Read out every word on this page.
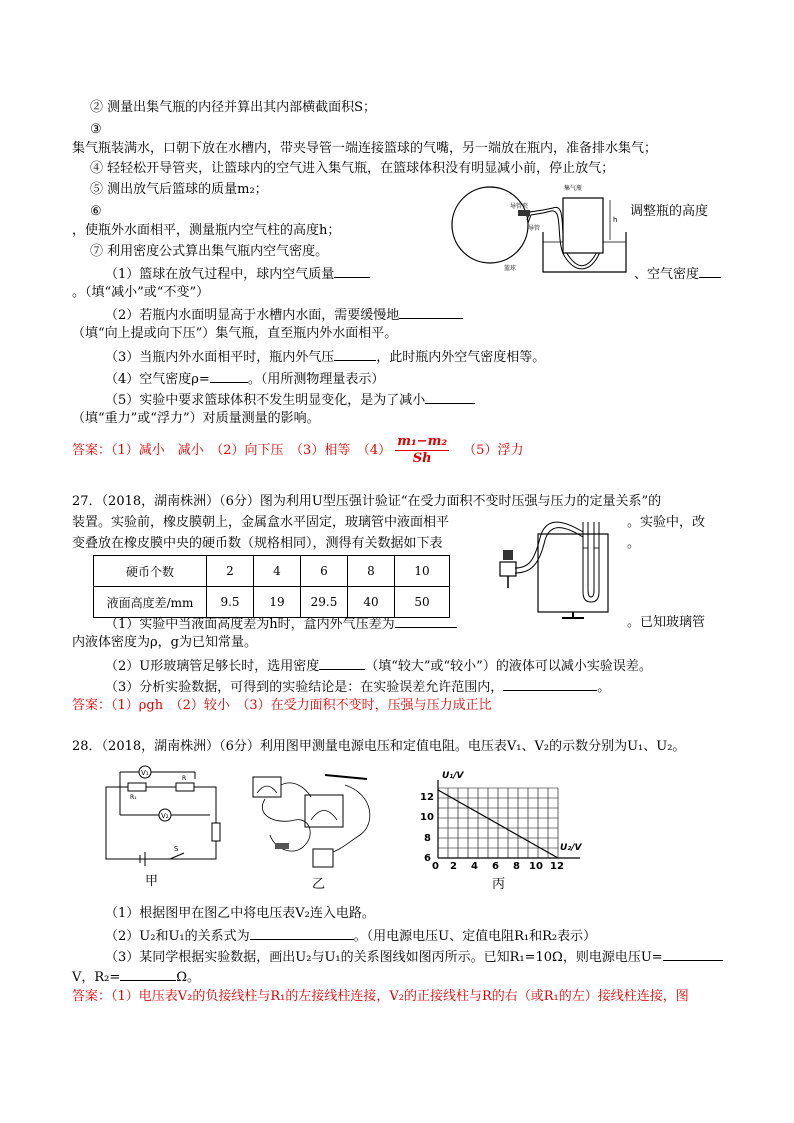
② 测量出集气瓶的内径并算出其内部横截面积S；
③
集气瓶装满水，口朝下放在水槽内，带夹导管一端连接篮球的气嘴，另一端放在瓶内，准备排水集气；
④ 轻轻松开导管夹，让篮球内的空气进入集气瓶，在篮球体积没有明显减小前，停止放气；
⑤ 测出放气后篮球的质量m₂；
⑥	调整瓶的高度
，使瓶外水面相平，测量瓶内空气柱的高度h；
⑦ 利用密度公式算出集气瓶内空气密度。
集气瓶
导管夹
导管
篮球
h
（1）篮球在放气过程中，球内空气质量	、空气密度
。（填“减小”或“不变”）
（2）若瓶内水面明显高于水槽内水面，需要缓慢地
（填“向上提或向下压”）集气瓶，直至瓶内外水面相平。
（3）当瓶内外水面相平时，瓶内外气压	，此时瓶内外空气密度相等。
（4）空气密度ρ=	。（用所测物理量表示）
（5）实验中要求篮球体积不发生明显变化，是为了减小
（填“重力”或“浮力”）对质量测量的影响。
答案：（1）减小　减小　（2）向下压　（3）相等　$(4) \frac{\text{m₁−m₂}}{Sh} (5)$浮力
27．（2018，湖南株洲）（6分）图为利用U型压强计验证“在受力面积不变时压强与压力的定量关系”的
装置。实验前，橡皮膜朝上，金属盒水平固定，玻璃管中液面相平	。实验中，改
变叠放在橡皮膜中央的硬币数（规格相同），测得有关数据如下表	。
硬币个数	2	4	6	8	10
液面高度差/mm	9.5	19	29.5	40	50
（1）实验中当液面高度差为h时，盒内外气压差为	。已知玻璃管
内液体密度为ρ，g为已知常量。
（2）U形玻璃管足够长时，选用密度	（填“较大”或“较小”）的液体可以减小实验误差。
（3）分析实验数据，可得到的实验结论是：在实验误差允许范围内，	。
答案：（1）ρgh　（2）较小　（3）在受力面积不变时，压强与压力成正比
28．（2018，湖南株洲）（6分）利用图甲测量电源电压和定值电阻。电压表V₁、V₂的示数分别为U₁、U₂。
V₁
V₂
R
R₁
S
甲	乙
U₁/V
U₂/V
12
10
8
6
0 2 4 6 8 10 12
丙
（1）根据图甲在图乙中将电压表V₂连入电路。
（2）U₂和U₁的关系式为	。（用电源电压U、定值电阻R₁和R₂表示）
（3）某同学根据实验数据，画出U₂与U₁的关系图线如图丙所示。已知R₁=10Ω，则电源电压U=
V，R₂=	Ω。
答案：（1）电压表V₂的负接线柱与R₁的左接线柱连接，V₂的正接线柱与R的右（或R₁的左）接线柱连接，图
